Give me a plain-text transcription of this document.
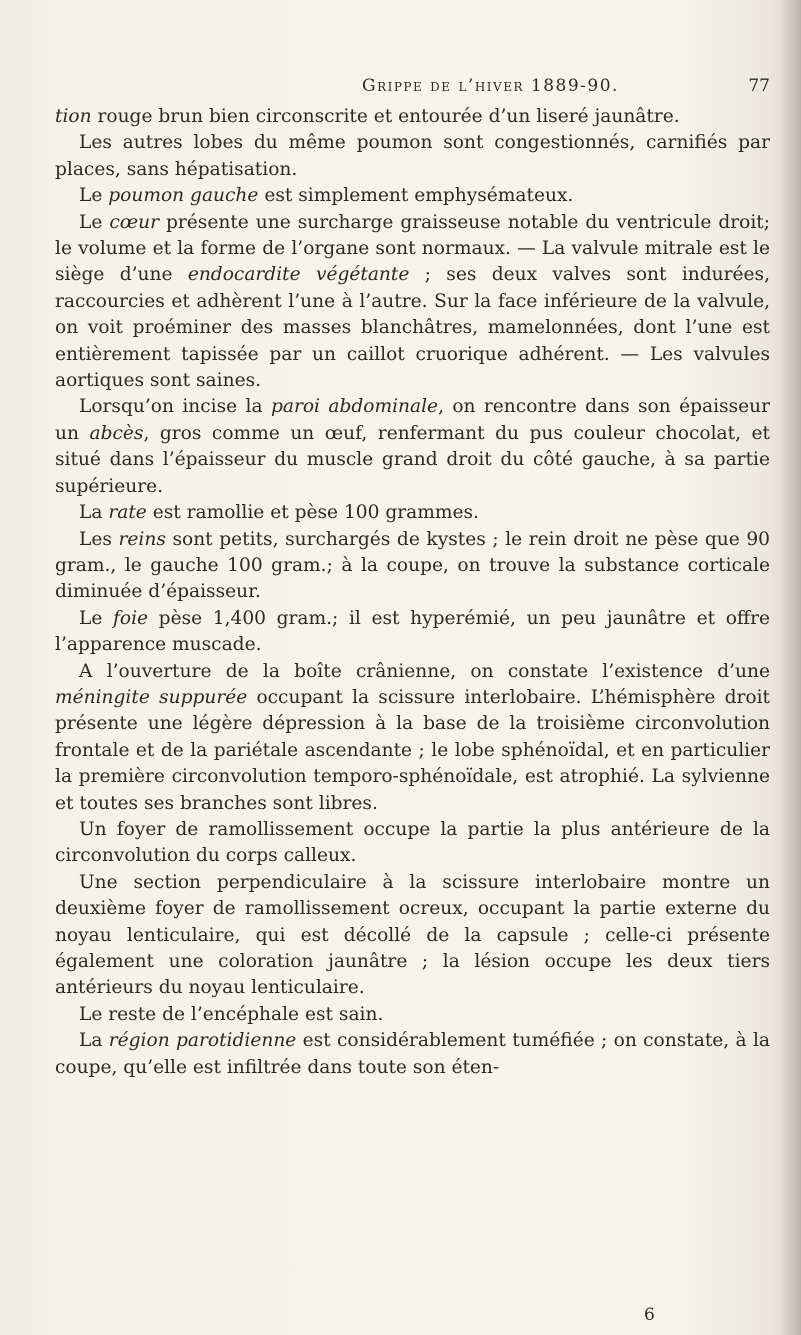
Grippe de l’hiver 1889-90.	77

tion rouge brun bien circonscrite et entourée d’un liseré jaunâtre.

Les autres lobes du même poumon sont congestionnés, carnifiés par places, sans hépatisation.

Le poumon gauche est simplement emphysémateux.

Le cœur présente une surcharge graisseuse notable du ventricule droit; le volume et la forme de l’organe sont normaux. — La valvule mitrale est le siège d’une endocardite végétante ; ses deux valves sont indurées, raccourcies et adhèrent l’une à l’autre. Sur la face inférieure de la valvule, on voit proéminer des masses blanchâtres, mamelonnées, dont l’une est entièrement tapissée par un caillot cruorique adhérent. — Les valvules aortiques sont saines.

Lorsqu’on incise la paroi abdominale, on rencontre dans son épaisseur un abcès, gros comme un œuf, renfermant du pus couleur chocolat, et situé dans l’épaisseur du muscle grand droit du côté gauche, à sa partie supérieure.

La rate est ramollie et pèse 100 grammes.

Les reins sont petits, surchargés de kystes ; le rein droit ne pèse que 90 gram., le gauche 100 gram.; à la coupe, on trouve la substance corticale diminuée d’épaisseur.

Le foie pèse 1,400 gram.; il est hyperémié, un peu jaunâtre et offre l’apparence muscade.

A l’ouverture de la boîte crânienne, on constate l’existence d’une méningite suppurée occupant la scissure interlobaire. L’hémisphère droit présente une légère dépression à la base de la troisième circonvolution frontale et de la pariétale ascendante ; le lobe sphénoïdal, et en particulier la première circonvolution temporo-sphénoïdale, est atrophié. La sylvienne et toutes ses branches sont libres.

Un foyer de ramollissement occupe la partie la plus antérieure de la circonvolution du corps calleux.

Une section perpendiculaire à la scissure interlobaire montre un deuxième foyer de ramollissement ocreux, occupant la partie externe du noyau lenticulaire, qui est décollé de la capsule ; celle-ci présente également une coloration jaunâtre ; la lésion occupe les deux tiers antérieurs du noyau lenticulaire.

Le reste de l’encéphale est sain.

La région parotidienne est considérablement tuméfiée ; on constate, à la coupe, qu’elle est infiltrée dans toute son éten-

6
